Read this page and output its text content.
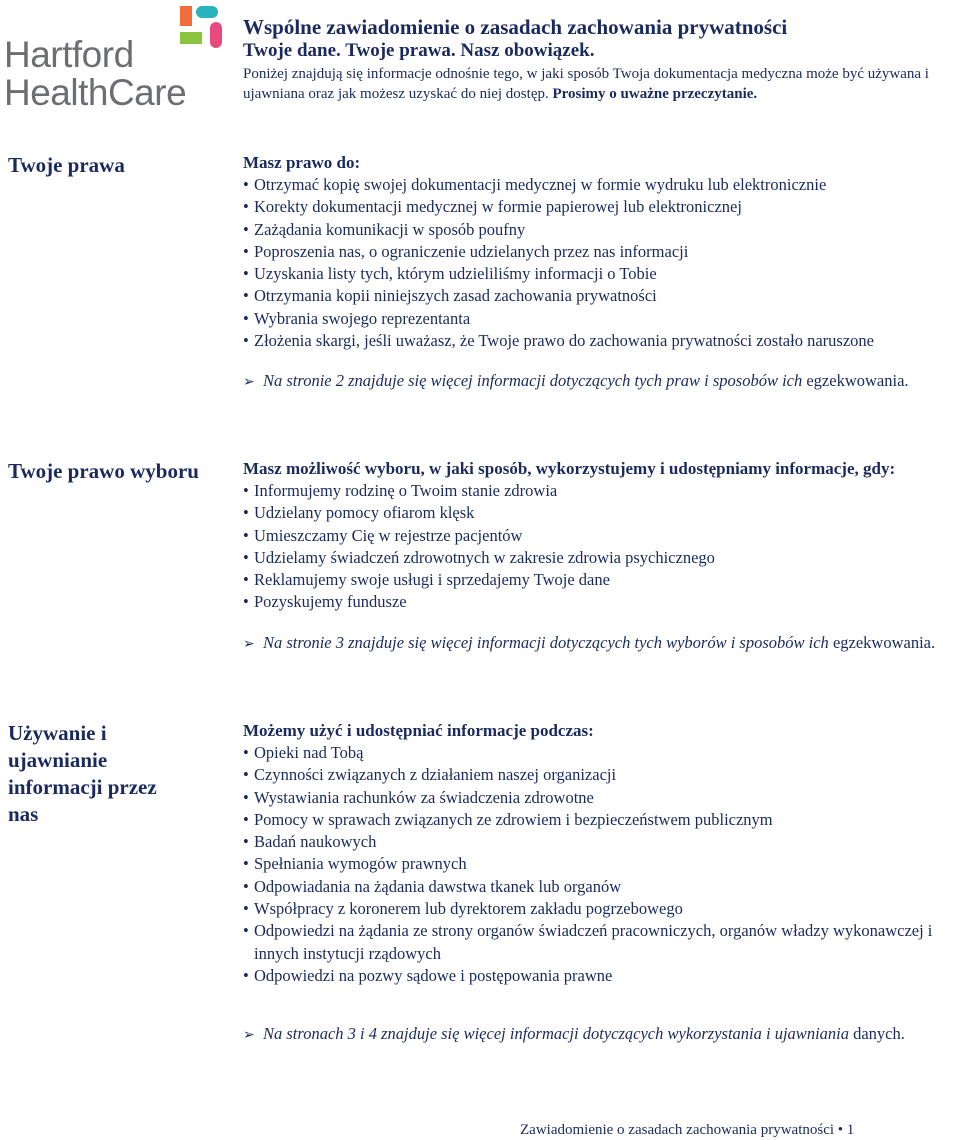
Hartford
HealthCare
Wspólne zawiadomienie o zasadach zachowania prywatności
Twoje dane. Twoje prawa. Nasz obowiązek.

Poniżej znajdują się informacje odnośnie tego, w jaki sposób Twoja dokumentacja medyczna może być używana i ujawniana oraz jak możesz uzyskać do niej dostęp. Prosimy o uważne przeczytanie.

Twoje prawa	Masz prawo do:

• Otrzymać kopię swojej dokumentacji medycznej w formie wydruku lub elektronicznie
• Korekty dokumentacji medycznej w formie papierowej lub elektronicznej
• Zażądania komunikacji w sposób poufny
• Poproszenia nas, o ograniczenie udzielanych przez nas informacji
• Uzyskania listy tych, którym udzieliliśmy informacji o Tobie
• Otrzymania kopii niniejszych zasad zachowania prywatności
• Wybrania swojego reprezentanta
• Złożenia skargi, jeśli uważasz, że Twoje prawo do zachowania prywatności zostało naruszone
➢ Na stronie 2 znajduje się więcej informacji dotyczących tych praw i sposobów ich egzekwowania.
Twoje prawo wyboru	Masz możliwość wyboru, w jaki sposób, wykorzystujemy i udostępniamy informacje, gdy:

• Informujemy rodzinę o Twoim stanie zdrowia
• Udzielany pomocy ofiarom klęsk
• Umieszczamy Cię w rejestrze pacjentów
• Udzielamy świadczeń zdrowotnych w zakresie zdrowia psychicznego
• Reklamujemy swoje usługi i sprzedajemy Twoje dane
• Pozyskujemy fundusze
➢ Na stronie 3 znajduje się więcej informacji dotyczących tych wyborów i sposobów ich egzekwowania.
Używanie i ujawnianie informacji przez nas

Możemy użyć i udostępniać informacje podczas:

• Opieki nad Tobą
• Czynności związanych z działaniem naszej organizacji
• Wystawiania rachunków za świadczenia zdrowotne
• Pomocy w sprawach związanych ze zdrowiem i bezpieczeństwem publicznym
• Badań naukowych
• Spełniania wymogów prawnych
• Odpowiadania na żądania dawstwa tkanek lub organów
• Współpracy z koronerem lub dyrektorem zakładu pogrzebowego
• Odpowiedzi na żądania ze strony organów świadczeń pracowniczych, organów władzy wykonawczej i innych instytucji rządowych
• Odpowiedzi na pozwy sądowe i postępowania prawne
➢ Na stronach 3 i 4 znajduje się więcej informacji dotyczących wykorzystania i ujawniania danych.
Zawiadomienie o zasadach zachowania prywatności • 1
